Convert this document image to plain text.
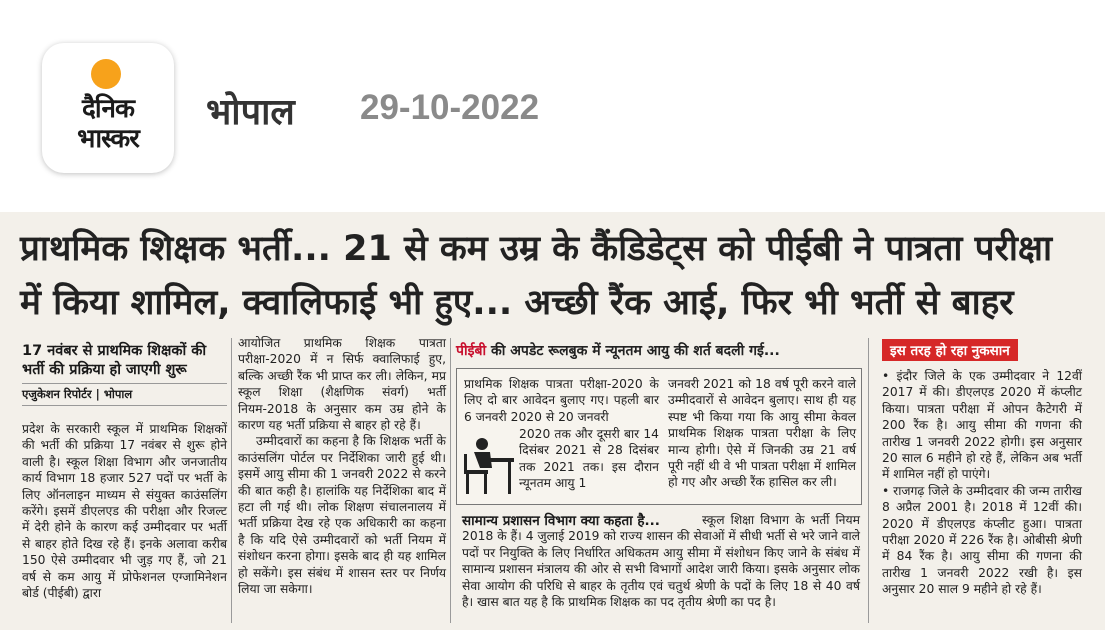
दैनिक
भास्कर
भोपाल 29-10-2022
प्राथमिक शिक्षक भर्ती... 21 से कम उम्र के कैंडिडेट्स को पीईबी ने पात्रता परीक्षा
में किया शामिल, क्वालिफाई भी हुए... अच्छी रैंक आई, फिर भी भर्ती से बाहर
17 नवंबर से प्राथमिक शिक्षकों की भर्ती की प्रक्रिया हो जाएगी शुरू
एजुकेशन रिपोर्टर | भोपाल
प्रदेश के सरकारी स्कूल में प्राथमिक शिक्षकों की भर्ती की प्रक्रिया 17 नवंबर से शुरू होने वाली है। स्कूल शिक्षा विभाग और जनजातीय कार्य विभाग 18 हजार 527 पदों पर भर्ती के लिए ऑनलाइन माध्यम से संयुक्त काउंसलिंग करेंगे। इसमें डीएलएड की परीक्षा और रिजल्ट में देरी होने के कारण कई उम्मीदवार पर भर्ती से बाहर होते दिख रहे हैं। इनके अलावा करीब 150 ऐसे उम्मीदवार भी जुड़ गए हैं, जो 21 वर्ष से कम आयु में प्रोफेशनल एग्जामिनेशन बोर्ड (पीईबी) द्वारा
आयोजित प्राथमिक शिक्षक पात्रता परीक्षा-2020 में न सिर्फ क्वालिफाई हुए, बल्कि अच्छी रैंक भी प्राप्त कर ली। लेकिन, मप्र स्कूल शिक्षा (शैक्षणिक संवर्ग) भर्ती नियम-2018 के अनुसार कम उम्र होने के कारण यह भर्ती प्रक्रिया से बाहर हो रहे हैं।
उम्मीदवारों का कहना है कि शिक्षक भर्ती के काउंसलिंग पोर्टल पर निर्देशिका जारी हुई थी। इसमें आयु सीमा की 1 जनवरी 2022 से करने की बात कही है। हालांकि यह निर्देशिका बाद में हटा ली गई थी। लोक शिक्षण संचालनालय में भर्ती प्रक्रिया देख रहे एक अधिकारी का कहना है कि यदि ऐसे उम्मीदवारों को भर्ती नियम में संशोधन करना होगा। इसके बाद ही यह शामिल हो सकेंगे। इस संबंध में शासन स्तर पर निर्णय लिया जा सकेगा।
पीईबी की अपडेट रूलबुक में न्यूनतम आयु की शर्त बदली गई...
प्राथमिक शिक्षक पात्रता परीक्षा-2020 के लिए दो बार आवेदन बुलाए गए। पहली बार 6 जनवरी 2020 से 20 जनवरी
2020 तक और दूसरी बार 14 दिसंबर 2021 से 28 दिसंबर तक 2021 तक। इस दौरान न्यूनतम आयु 1
जनवरी 2021 को 18 वर्ष पूरी करने वाले उम्मीदवारों से आवेदन बुलाए। साथ ही यह स्पष्ट भी किया गया कि आयु सीमा केवल प्राथमिक शिक्षक पात्रता परीक्षा के लिए मान्य होगी। ऐसे में जिनकी उम्र 21 वर्ष पूरी नहीं थी वे भी पात्रता परीक्षा में शामिल हो गए और अच्छी रैंक हासिल कर ली।
सामान्य प्रशासन विभाग क्या कहता है...	स्कूल शिक्षा विभाग के भर्ती नियम 2018 के हैं। 4 जुलाई 2019 को राज्य शासन की सेवाओं में सीधी भर्ती से भरे जाने वाले पदों पर नियुक्ति के लिए निर्धारित अधिकतम आयु सीमा में संशोधन किए जाने के संबंध में सामान्य प्रशासन मंत्रालय की ओर से सभी विभागों आदेश जारी किया। इसके अनुसार लोक सेवा आयोग की परिधि से बाहर के तृतीय एवं चतुर्थ श्रेणी के पदों के लिए 18 से 40 वर्ष है। खास बात यह है कि प्राथमिक शिक्षक का पद तृतीय श्रेणी का पद है।
इस तरह हो रहा नुकसान
• इंदौर जिले के एक उम्मीदवार ने 12वीं 2017 में की। डीएलएड 2020 में कंप्लीट किया। पात्रता परीक्षा में ओपन कैटेगरी में 200 रैंक है। आयु सीमा की गणना की तारीख 1 जनवरी 2022 होगी। इस अनुसार 20 साल 6 महीने हो रहे हैं, लेकिन अब भर्ती में शामिल नहीं हो पाएंगे।
• राजगढ़ जिले के उम्मीदवार की जन्म तारीख 8 अप्रैल 2001 है। 2018 में 12वीं की। 2020 में डीएलएड कंप्लीट हुआ। पात्रता परीक्षा 2020 में 226 रैंक है। ओबीसी श्रेणी में 84 रैंक है। आयु सीमा की गणना की तारीख 1 जनवरी 2022 रखी है। इस अनुसार 20 साल 9 महीने हो रहे हैं।
